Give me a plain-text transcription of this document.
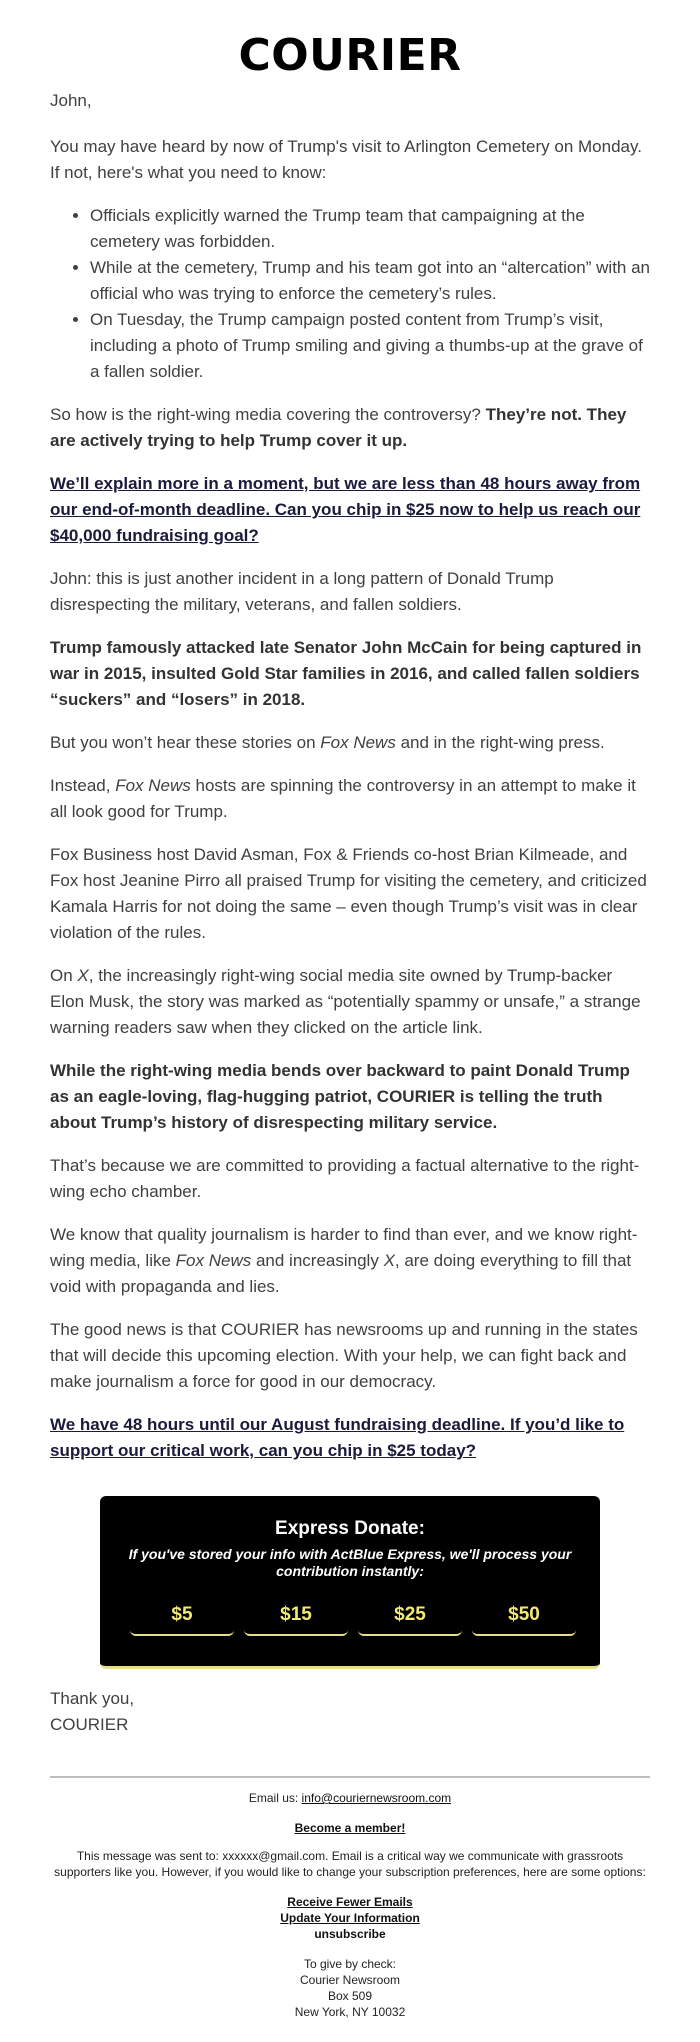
COURIER

John,

You may have heard by now of Trump's visit to Arlington Cemetery on Monday. If not, here's what you need to know:

• Officials explicitly warned the Trump team that campaigning at the cemetery was forbidden.
• While at the cemetery, Trump and his team got into an “altercation” with an official who was trying to enforce the cemetery’s rules.
• On Tuesday, the Trump campaign posted content from Trump’s visit, including a photo of Trump smiling and giving a thumbs-up at the grave of a fallen soldier.

So how is the right-wing media covering the controversy? They’re not. They are actively trying to help Trump cover it up.

We’ll explain more in a moment, but we are less than 48 hours away from our end-of-month deadline. Can you chip in $25 now to help us reach our $40,000 fundraising goal?

John: this is just another incident in a long pattern of Donald Trump disrespecting the military, veterans, and fallen soldiers.

Trump famously attacked late Senator John McCain for being captured in war in 2015, insulted Gold Star families in 2016, and called fallen soldiers “suckers” and “losers” in 2018.

But you won’t hear these stories on Fox News and in the right-wing press.

Instead, Fox News hosts are spinning the controversy in an attempt to make it all look good for Trump.

Fox Business host David Asman, Fox & Friends co-host Brian Kilmeade, and Fox host Jeanine Pirro all praised Trump for visiting the cemetery, and criticized Kamala Harris for not doing the same – even though Trump’s visit was in clear violation of the rules.

On X, the increasingly right-wing social media site owned by Trump-backer Elon Musk, the story was marked as “potentially spammy or unsafe,” a strange warning readers saw when they clicked on the article link.

While the right-wing media bends over backward to paint Donald Trump as an eagle-loving, flag-hugging patriot, COURIER is telling the truth about Trump’s history of disrespecting military service.

That’s because we are committed to providing a factual alternative to the right-wing echo chamber.

We know that quality journalism is harder to find than ever, and we know right-wing media, like Fox News and increasingly X, are doing everything to fill that void with propaganda and lies.

The good news is that COURIER has newsrooms up and running in the states that will decide this upcoming election. With your help, we can fight back and make journalism a force for good in our democracy.

We have 48 hours until our August fundraising deadline. If you’d like to support our critical work, can you chip in $25 today?

Express Donate:
If you've stored your info with ActBlue Express, we'll process your contribution instantly:
$5	$15	$25	$50
Thank you,
COURIER

Email us: info@couriernewsroom.com

Become a member!

This message was sent to: xxxxxx@gmail.com. Email is a critical way we communicate with grassroots supporters like you. However, if you would like to change your subscription preferences, here are some options:

Receive Fewer Emails

Update Your Information

unsubscribe

To give by check:

Courier Newsroom

Box 509

New York, NY 10032
